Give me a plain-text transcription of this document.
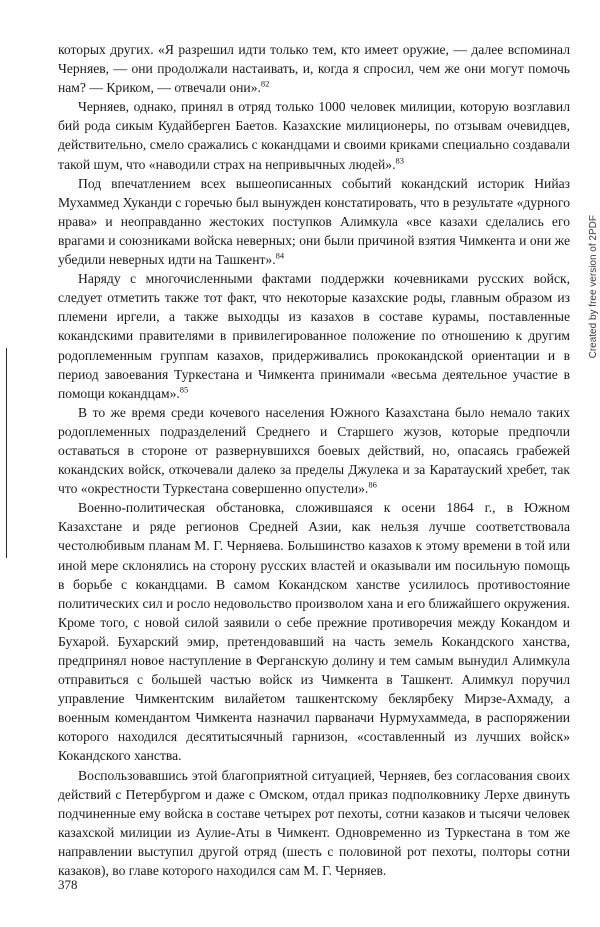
которых других. «Я разрешил идти только тем, кто имеет оружие, — далее вспоминал Черняев, — они продолжали настаивать, и, когда я спросил, чем же они могут помочь нам? — Криком, — отвечали они».$^{82}$

Черняев, однако, принял в отряд только 1000 человек милиции, которую возглавил бий рода сикым Кудайберген Баетов. Казахские милиционеры, по отзывам очевидцев, действительно, смело сражались с кокандцами и своими криками специально создавали такой шум, что «наводили страх на непривычных людей».$^{83}$

Под впечатлением всех вышеописанных событий кокандский историк Нийаз Мухаммед Хуканди с горечью был вынужден констатировать, что в результате «дурного нрава» и неоправданно жестоких поступков Алимкула «все казахи сделались его врагами и союзниками войска неверных; они были причиной взятия Чимкента и они же убедили неверных идти на Ташкент».$^{84}$

Наряду с многочисленными фактами поддержки кочевниками русских войск, следует отметить также тот факт, что некоторые казахские роды, главным образом из племени иргели, а также выходцы из казахов в составе курамы, поставленные кокандскими правителями в привилегированное положение по отношению к другим родоплеменным группам казахов, придерживались прококандской ориентации и в период завоевания Туркестана и Чимкента принимали «весьма деятельное участие в помощи кокандцам».$^{85}$

В то же время среди кочевого населения Южного Казахстана было немало таких родоплеменных подразделений Среднего и Старшего жузов, которые предпочли оставаться в стороне от развернувшихся боевых действий, но, опасаясь грабежей кокандских войск, откочевали далеко за пределы Джулека и за Каратауский хребет, так что «окрестности Туркестана совершенно опустели».$^{86}$

Военно-политическая обстановка, сложившаяся к осени 1864 г., в Южном Казахстане и ряде регионов Средней Азии, как нельзя лучше соответствовала честолюбивым планам М. Г. Черняева. Большинство казахов к этому времени в той или иной мере склонялись на сторону русских властей и оказывали им посильную помощь в борьбе с кокандцами. В самом Кокандском ханстве усилилось противостояние политических сил и росло недовольство произволом хана и его ближайшего окружения. Кроме того, с новой силой заявили о себе прежние противоречия между Кокандом и Бухарой. Бухарский эмир, претендовавший на часть земель Кокандского ханства, предпринял новое наступление в Ферганскую долину и тем самым вынудил Алимкула отправиться с большей частью войск из Чимкента в Ташкент. Алимкул поручил управление Чимкентским вилайетом ташкентскому беклярбеку Мирзе-Ахмаду, а военным комендантом Чимкента назначил парваначи Нурмухаммеда, в распоряжении которого находился десятитысячный гарнизон, «составленный из лучших войск» Кокандского ханства.

Воспользовавшись этой благоприятной ситуацией, Черняев, без согласования своих действий с Петербургом и даже с Омском, отдал приказ подполковнику Лерхе двинуть подчиненные ему войска в составе четырех рот пехоты, сотни казаков и тысячи человек казахской милиции из Аулие-Аты в Чимкент. Одновременно из Туркестана в том же направлении выступил другой отряд (шесть с половиной рот пехоты, полторы сотни казаков), во главе которого находился сам М. Г. Черняев.

378
Created by free version of 2PDF
